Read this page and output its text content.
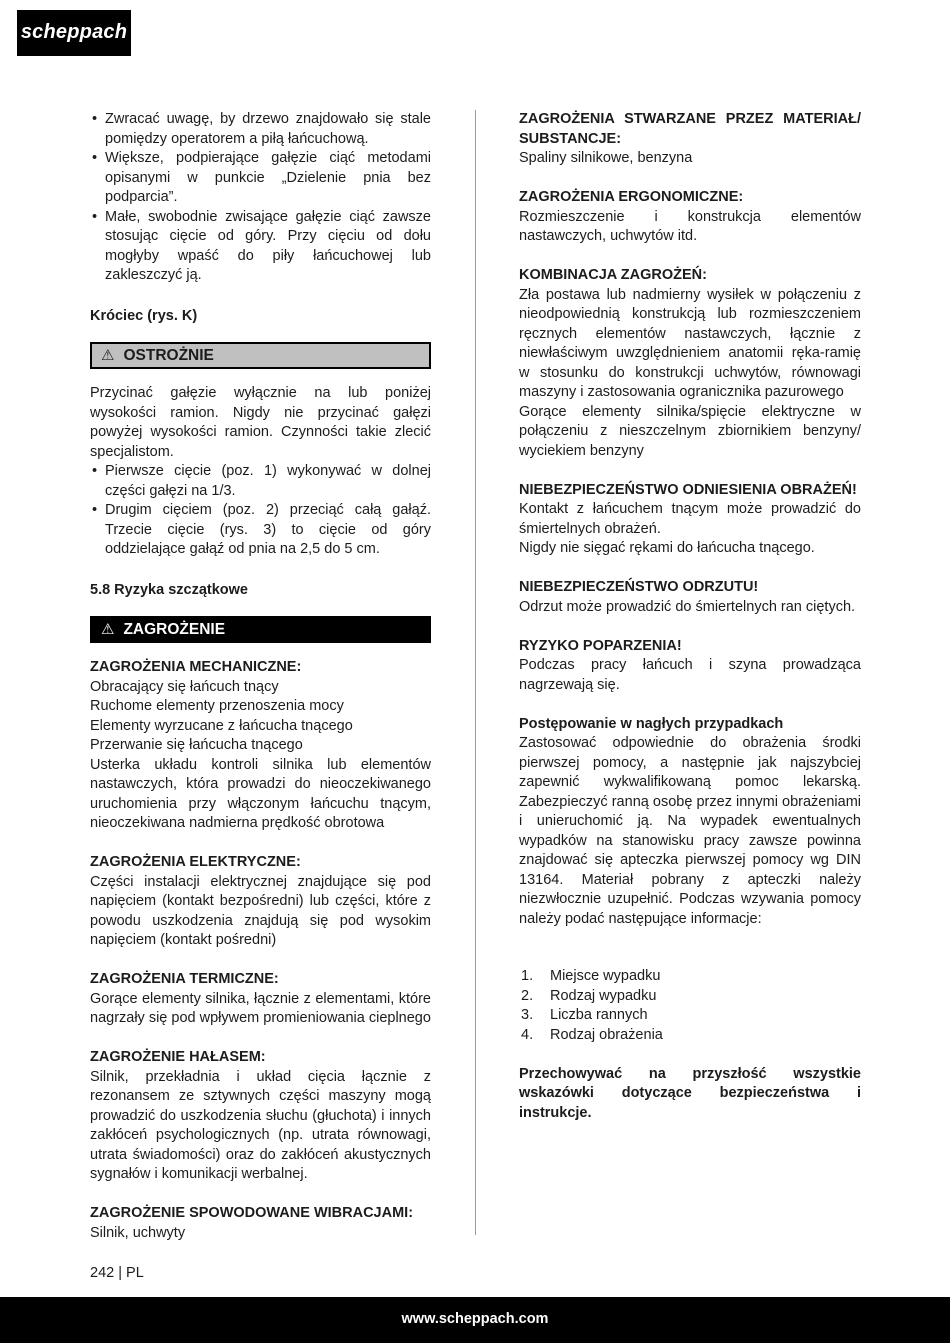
scheppach
• Zwracać uwagę, by drzewo znajdowało się stale pomiędzy operatorem a piłą łańcuchową.
• Większe, podpierające gałęzie ciąć metodami opisanymi w punkcie „Dzielenie pnia bez podparcia”.
• Małe, swobodnie zwisające gałęzie ciąć zawsze stosując cięcie od góry. Przy cięciu od dołu mogłyby wpaść do piły łańcuchowej lub zakleszczyć ją.
Króciec (rys. K)
⚠ OSTROŻNIE

Przycinać gałęzie wyłącznie na lub poniżej wysokości ramion. Nigdy nie przycinać gałęzi powyżej wysokości ramion. Czynności takie zlecić specjalistom.

• Pierwsze cięcie (poz. 1) wykonywać w dolnej części gałęzi na 1/3.
• Drugim cięciem (poz. 2) przeciąć całą gałąź. Trzecie cięcie (rys. 3) to cięcie od góry oddzielające gałąź od pnia na 2,5 do 5 cm.
5.8 Ryzyka szczątkowe
⚠ ZAGROŻENIE
ZAGROŻENIA MECHANICZNE:

Obracający się łańcuch tnący

Ruchome elementy przenoszenia mocy

Elementy wyrzucane z łańcucha tnącego

Przerwanie się łańcucha tnącego

Usterka układu kontroli silnika lub elementów nastawczych, która prowadzi do nieoczekiwanego uruchomienia przy włączonym łańcuchu tnącym, nieoczekiwana nadmierna prędkość obrotowa

ZAGROŻENIA ELEKTRYCZNE:

Części instalacji elektrycznej znajdujące się pod napięciem (kontakt bezpośredni) lub części, które z powodu uszkodzenia znajdują się pod wysokim napięciem (kontakt pośredni)

ZAGROŻENIA TERMICZNE:

Gorące elementy silnika, łącznie z elementami, które nagrzały się pod wpływem promieniowania cieplnego

ZAGROŻENIE HAŁASEM:

Silnik, przekładnia i układ cięcia łącznie z rezonansem ze sztywnych części maszyny mogą prowadzić do uszkodzenia słuchu (głuchota) i innych zakłóceń psychologicznych (np. utrata równowagi, utrata świadomości) oraz do zakłóceń akustycznych sygnałów i komunikacji werbalnej.

ZAGROŻENIE SPOWODOWANE WIBRACJAMI:

Silnik, uchwyty

ZAGROŻENIA STWARZANE PRZEZ MATERIAŁ/ SUBSTANCJE:

Spaliny silnikowe, benzyna

ZAGROŻENIA ERGONOMICZNE:

Rozmieszczenie i konstrukcja elementów nastawczych, uchwytów itd.

KOMBINACJA ZAGROŻEŃ:

Zła postawa lub nadmierny wysiłek w połączeniu z nieodpowiednią konstrukcją lub rozmieszczeniem ręcznych elementów nastawczych, łącznie z niewłaściwym uwzględnieniem anatomii ręka-ramię w stosunku do konstrukcji uchwytów, równowagi maszyny i zastosowania ogranicznika pazurowego

Gorące elementy silnika/spięcie elektryczne w połączeniu z nieszczelnym zbiornikiem benzyny/ wyciekiem benzyny

NIEBEZPIECZEŃSTWO ODNIESIENIA OBRAŻEŃ!

Kontakt z łańcuchem tnącym może prowadzić do śmiertelnych obrażeń.

Nigdy nie sięgać rękami do łańcucha tnącego.

NIEBEZPIECZEŃSTWO ODRZUTU!

Odrzut może prowadzić do śmiertelnych ran ciętych.

RYZYKO POPARZENIA!

Podczas pracy łańcuch i szyna prowadząca nagrzewają się.

Postępowanie w nagłych przypadkach

Zastosować odpowiednie do obrażenia środki pierwszej pomocy, a następnie jak najszybciej zapewnić wykwalifikowaną pomoc lekarską. Zabezpieczyć ranną osobę przez innymi obrażeniami i unieruchomić ją. Na wypadek ewentualnych wypadków na stanowisku pracy zawsze powinna znajdować się apteczka pierwszej pomocy wg DIN 13164. Materiał pobrany z apteczki należy niezwłocznie uzupełnić. Podczas wzywania pomocy należy podać następujące informacje:

Miejsce wypadku
Rodzaj wypadku
Liczba rannych
Rodzaj obrażenia

Przechowywać na przyszłość wszystkie wskazówki dotyczące bezpieczeństwa i instrukcje.

242 | PL
www.scheppach.com
